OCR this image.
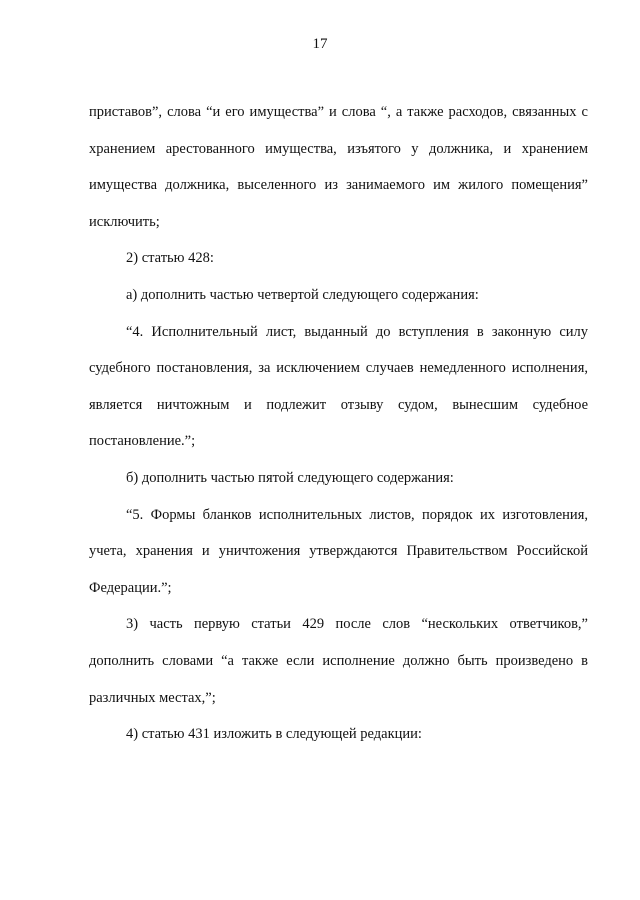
17

приставов”, слова “и его имущества” и слова “, а также расходов, связанных с хранением арестованного имущества, изъятого у должника, и хранением имущества должника, выселенного из занимаемого им жилого помещения” исключить;

2) статью 428:

а) дополнить частью четвертой следующего содержания:

“4. Исполнительный лист, выданный до вступления в законную силу судебного постановления, за исключением случаев немедленного исполнения, является ничтожным и подлежит отзыву судом, вынесшим судебное постановление.”;

б) дополнить частью пятой следующего содержания:

“5. Формы бланков исполнительных листов, порядок их изготовления, учета, хранения и уничтожения утверждаются Правительством Российской Федерации.”;

3) часть первую статьи 429 после слов “нескольких ответчиков,” дополнить словами “а также если исполнение должно быть произведено в различных местах,”;

4) статью 431 изложить в следующей редакции:
